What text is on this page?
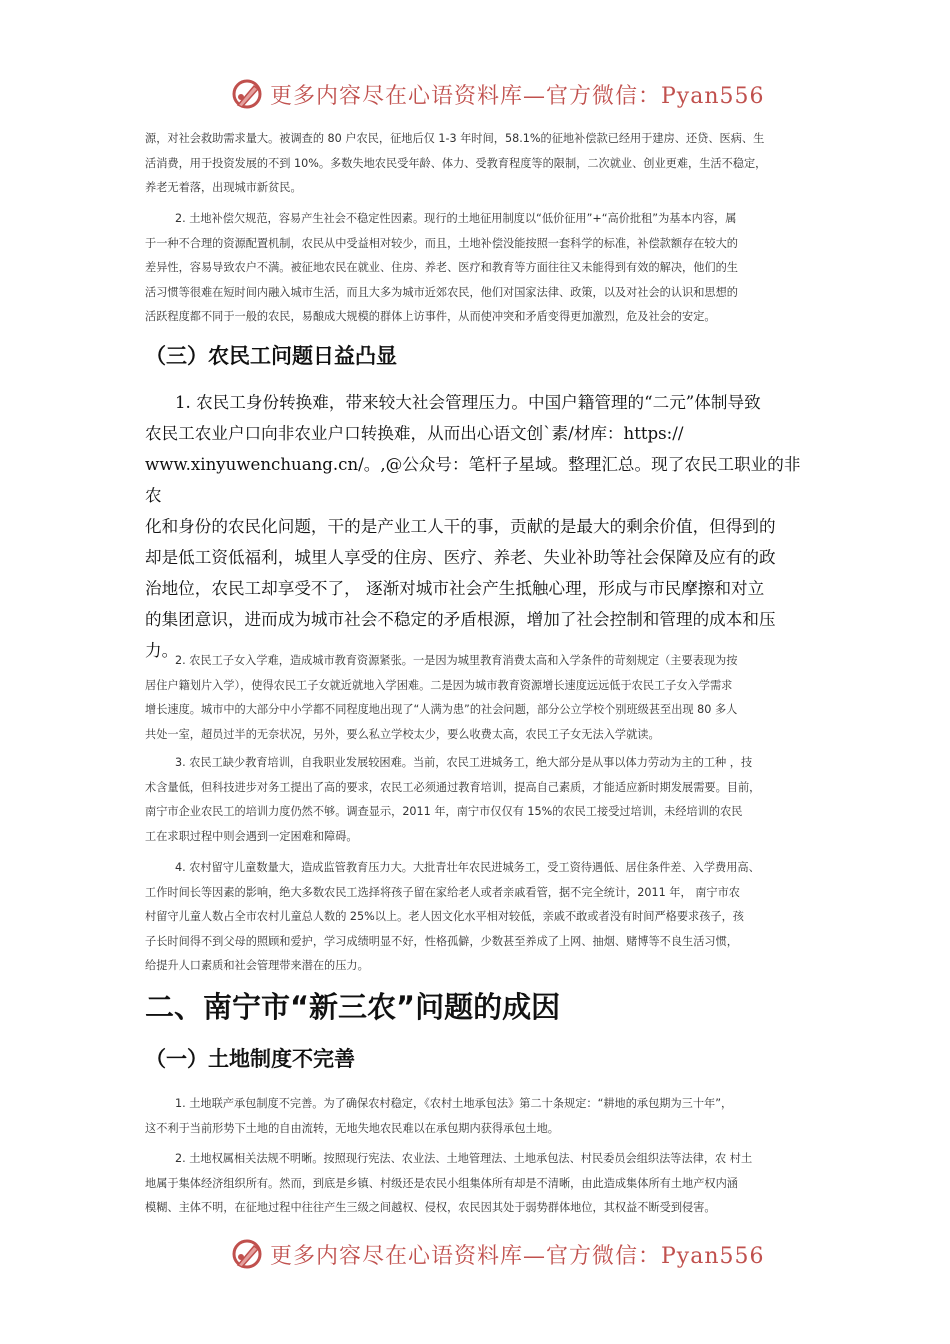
更多内容尽在心语资料库—官方微信：Pyan556

源，对社会救助需求量大。被调查的 80 户农民，征地后仅 1-3 年时间，58.1%的征地补偿款已经用于建房、还贷、医病、生

活消费，用于投资发展的不到 10%。多数失地农民受年龄、体力、受教育程度等的限制，二次就业、创业更难，生活不稳定，

养老无着落，出现城市新贫民。

2. 土地补偿欠规范，容易产生社会不稳定性因素。现行的土地征用制度以“低价征用”+“高价批租”为基本内容，属

于一种不合理的资源配置机制，农民从中受益相对较少，而且，土地补偿没能按照一套科学的标准，补偿款额存在较大的

差异性，容易导致农户不满。被征地农民在就业、住房、养老、医疗和教育等方面往往又未能得到有效的解决，他们的生

活习惯等很难在短时间内融入城市生活，而且大多为城市近郊农民，他们对国家法律、政策，以及对社会的认识和思想的

活跃程度都不同于一般的农民，易酿成大规模的群体上访事件，从而使冲突和矛盾变得更加激烈，危及社会的安定。

（三）农民工问题日益凸显

1. 农民工身份转换难，带来较大社会管理压力。中国户籍管理的“二元”体制导致

农民工农业户口向非农业户口转换难，从而出心语文创`素/材库：https://

www.xinyuwenchuang.cn/。,@公众号：笔杆子星域。整理汇总。现了农民工职业的非农

化和身份的农民化问题，干的是产业工人干的事，贡献的是最大的剩余价值，但得到的

却是低工资低福利，城里人享受的住房、医疗、养老、失业补助等社会保障及应有的政

治地位，农民工却享受不了， 逐渐对城市社会产生抵触心理，形成与市民摩擦和对立

的集团意识，进而成为城市社会不稳定的矛盾根源，增加了社会控制和管理的成本和压

力。

2. 农民工子女入学难，造成城市教育资源紧张。一是因为城里教育消费太高和入学条件的苛刻规定（主要表现为按

居住户籍划片入学），使得农民工子女就近就地入学困难。二是因为城市教育资源增长速度远远低于农民工子女入学需求

增长速度。城市中的大部分中小学都不同程度地出现了“人满为患”的社会问题，部分公立学校个别班级甚至出现 80 多人

共处一室，超员过半的无奈状况，另外，要么私立学校太少，要么收费太高，农民工子女无法入学就读。

3. 农民工缺少教育培训，自我职业发展较困难。当前，农民工进城务工，绝大部分是从事以体力劳动为主的工种 ，技

术含量低，但科技进步对务工提出了高的要求，农民工必须通过教育培训，提高自己素质，才能适应新时期发展需要。目前，

南宁市企业农民工的培训力度仍然不够。调查显示，2011 年，南宁市仅仅有 15%的农民工接受过培训，未经培训的农民

工在求职过程中则会遇到一定困难和障碍。

4. 农村留守儿童数量大，造成监管教育压力大。大批青壮年农民进城务工，受工资待遇低、居住条件差、入学费用高、

工作时间长等因素的影响，绝大多数农民工选择将孩子留在家给老人或者亲戚看管，据不完全统计，2011 年， 南宁市农

村留守儿童人数占全市农村儿童总人数的 25%以上。老人因文化水平相对较低，亲戚不敢或者没有时间严格要求孩子，孩

子长时间得不到父母的照顾和爱护，学习成绩明显不好，性格孤僻，少数甚至养成了上网、抽烟、赌博等不良生活习惯，

给提升人口素质和社会管理带来潜在的压力。

二、南宁市“新三农”问题的成因
（一）土地制度不完善

1. 土地联产承包制度不完善。为了确保农村稳定，《农村土地承包法》第二十条规定：“耕地的承包期为三十年”，

这不利于当前形势下土地的自由流转，无地失地农民难以在承包期内获得承包土地。

2. 土地权属相关法规不明晰。按照现行宪法、农业法、土地管理法、土地承包法、村民委员会组织法等法律，农 村土

地属于集体经济组织所有。然而，到底是乡镇、村级还是农民小组集体所有却是不清晰，由此造成集体所有土地产权内涵

模糊、主体不明，在征地过程中往往产生三级之间越权、侵权，农民因其处于弱势群体地位，其权益不断受到侵害。

更多内容尽在心语资料库—官方微信：Pyan556
